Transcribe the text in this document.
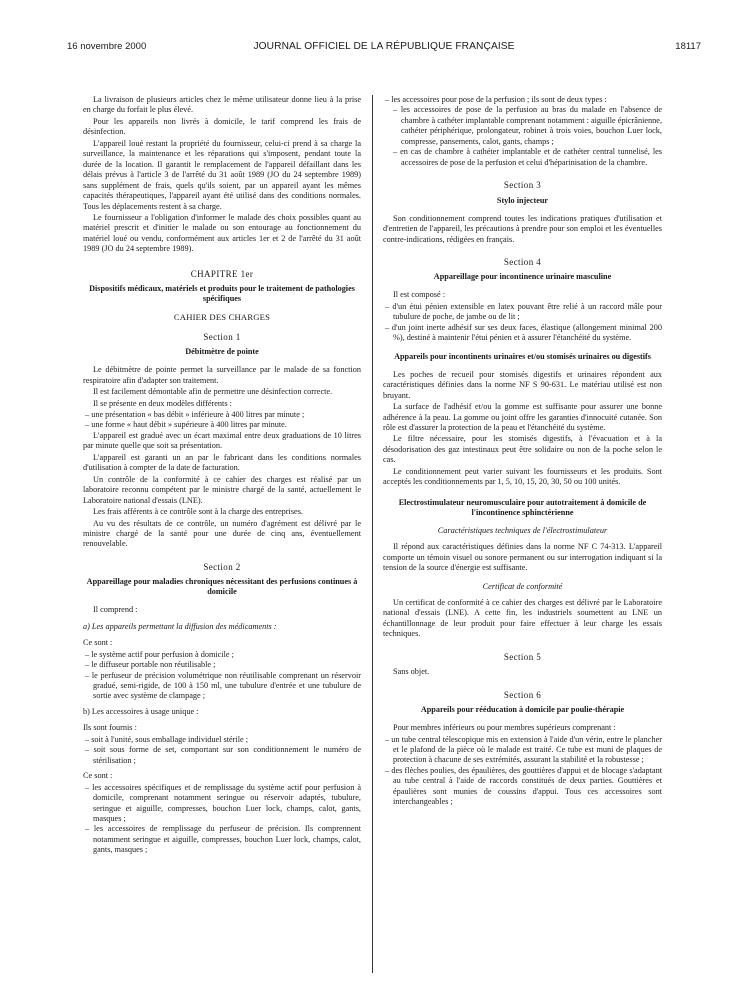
16 novembre 2000	JOURNAL OFFICIEL DE LA RÉPUBLIQUE FRANÇAISE	18117

La livraison de plusieurs articles chez le même utilisateur donne lieu à la prise en charge du forfait le plus élevé.

Pour les appareils non livrés à domicile, le tarif comprend les frais de désinfection.

L'appareil loué restant la propriété du fournisseur, celui-ci prend à sa charge la surveillance, la maintenance et les réparations qui s'imposent, pendant toute la durée de la location. Il garantit le remplacement de l'appareil défaillant dans les délais prévus à l'article 3 de l'arrêté du 31 août 1989 (JO du 24 septembre 1989) sans supplément de frais, quels qu'ils soient, par un appareil ayant les mêmes capacités thérapeutiques, l'appareil ayant été utilisé dans des conditions normales. Tous les déplacements restent à sa charge.

Le fournisseur a l'obligation d'informer le malade des choix possibles quant au matériel prescrit et d'initier le malade ou son entourage au fonctionnement du matériel loué ou vendu, conformément aux articles 1er et 2 de l'arrêté du 31 août 1989 (JO du 24 septembre 1989).

CHAPITRE 1er
Dispositifs médicaux, matériels et produits pour le traitement de pathologies spécifiques
CAHIER DES CHARGES
Section 1
Débitmètre de pointe

Le débitmètre de pointe permet la surveillance par le malade de sa fonction respiratoire afin d'adapter son traitement.

Il est facilement démontable afin de permettre une désinfection correcte.

Il se présente en deux modèles différents :

– une présentation « bas débit » inférieure à 400 litres par minute ;

– une forme « haut débit » supérieure à 400 litres par minute.

L'appareil est gradué avec un écart maximal entre deux graduations de 10 litres par minute quelle que soit sa présentation.

L'appareil est garanti un an par le fabricant dans les conditions normales d'utilisation à compter de la date de facturation.

Un contrôle de la conformité à ce cahier des charges est réalisé par un laboratoire reconnu compétent par le ministre chargé de la santé, actuellement le Laboratoire national d'essais (LNE).

Les frais afférents à ce contrôle sont à la charge des entreprises.

Au vu des résultats de ce contrôle, un numéro d'agrément est délivré par le ministre chargé de la santé pour une durée de cinq ans, éventuellement renouvelable.

Section 2
Appareillage pour maladies chroniques nécessitant des perfusions continues à domicile

Il comprend :

a) Les appareils permettant la diffusion des médicaments :

Ce sont :

– le système actif pour perfusion à domicile ;

– le diffuseur portable non réutilisable ;

– le perfuseur de précision volumétrique non réutilisable comprenant un réservoir gradué, semi-rigide, de 100 à 150 ml, une tubulure d'entrée et une tubulure de sortie avec système de clampage ;

b) Les accessoires à usage unique :

Ils sont fournis :

– soit à l'unité, sous emballage individuel stérile ;

– soit sous forme de set, comportant sur son conditionnement le numéro de stérilisation ;

Ce sont :

– les accessoires spécifiques et de remplissage du système actif pour perfusion à domicile, comprenant notamment seringue ou réservoir adaptés, tubulure, seringue et aiguille, compresses, bouchon Luer lock, champs, calot, gants, masques ;

– les accessoires de remplissage du perfuseur de précision. Ils comprennent notamment seringue et aiguille, compresses, bouchon Luer lock, champs, calot, gants, masques ;

– les accessoires pour pose de la perfusion ; ils sont de deux types :

– les accessoires de pose de la perfusion au bras du malade en l'absence de chambre à cathéter implantable comprenant notamment : aiguille épicrânienne, cathéter périphérique, prolongateur, robinet à trois voies, bouchon Luer lock, compresse, pansements, calot, gants, champs ;

– en cas de chambre à cathéter implantable et de cathéter central tunnelisé, les accessoires de pose de la perfusion et celui d'héparinisation de la chambre.

Section 3
Stylo injecteur

Son conditionnement comprend toutes les indications pratiques d'utilisation et d'entretien de l'appareil, les précautions à prendre pour son emploi et les éventuelles contre-indications, rédigées en français.

Section 4
Appareillage pour incontinence urinaire masculine

Il est composé :

– d'un étui pénien extensible en latex pouvant être relié à un raccord mâle pour tubulure de poche, de jambe ou de lit ;

– d'un joint inerte adhésif sur ses deux faces, élastique (allongement minimal 200 %), destiné à maintenir l'étui pénien et à assurer l'étanchéité du système.

Appareils pour incontinents urinaires et/ou stomisés urinaires ou digestifs

Les poches de recueil pour stomisés digestifs et urinaires répondent aux caractéristiques définies dans la norme NF S 90-631. Le matériau utilisé est non bruyant.

La surface de l'adhésif et/ou la gomme est suffisante pour assurer une bonne adhérence à la peau. La gomme ou joint offre les garanties d'innocuité cutanée. Son rôle est d'assurer la protection de la peau et l'étanchéité du système.

Le filtre nécessaire, pour les stomisés digestifs, à l'évacuation et à la désodorisation des gaz intestinaux peut être solidaire ou non de la poche selon le cas.

Le conditionnement peut varier suivant les fournisseurs et les produits. Sont acceptés les conditionnements par 1, 5, 10, 15, 20, 30, 50 ou 100 unités.

Electrostimulateur neuromusculaire pour autotraitement à domicile de l'incontinence sphinctérienne
Caractéristiques techniques de l'électrostimulateur

Il répond aux caractéristiques définies dans la norme NF C 74-313. L'appareil comporte un témoin visuel ou sonore permanent ou sur interrogation indiquant si la tension de la source d'énergie est suffisante.

Certificat de conformité

Un certificat de conformité à ce cahier des charges est délivré par le Laboratoire national d'essais (LNE). A cette fin, les industriels soumettent au LNE un échantillonnage de leur produit pour faire effectuer à leur charge les essais techniques.

Section 5

Sans objet.

Section 6
Appareils pour rééducation à domicile par poulie-thérapie

Pour membres inférieurs ou pour membres supérieurs comprenant :

– un tube central télescopique mis en extension à l'aide d'un vérin, entre le plancher et le plafond de la pièce où le malade est traité. Ce tube est muni de plaques de protection à chacune de ses extrémités, assurant la stabilité et la robustesse ;

– des flèches poulies, des épaulières, des gouttières d'appui et de blocage s'adaptant au tube central à l'aide de raccords constitués de deux parties. Gouttières et épaulières sont munies de coussins d'appui. Tous ces accessoires sont interchangeables ;
